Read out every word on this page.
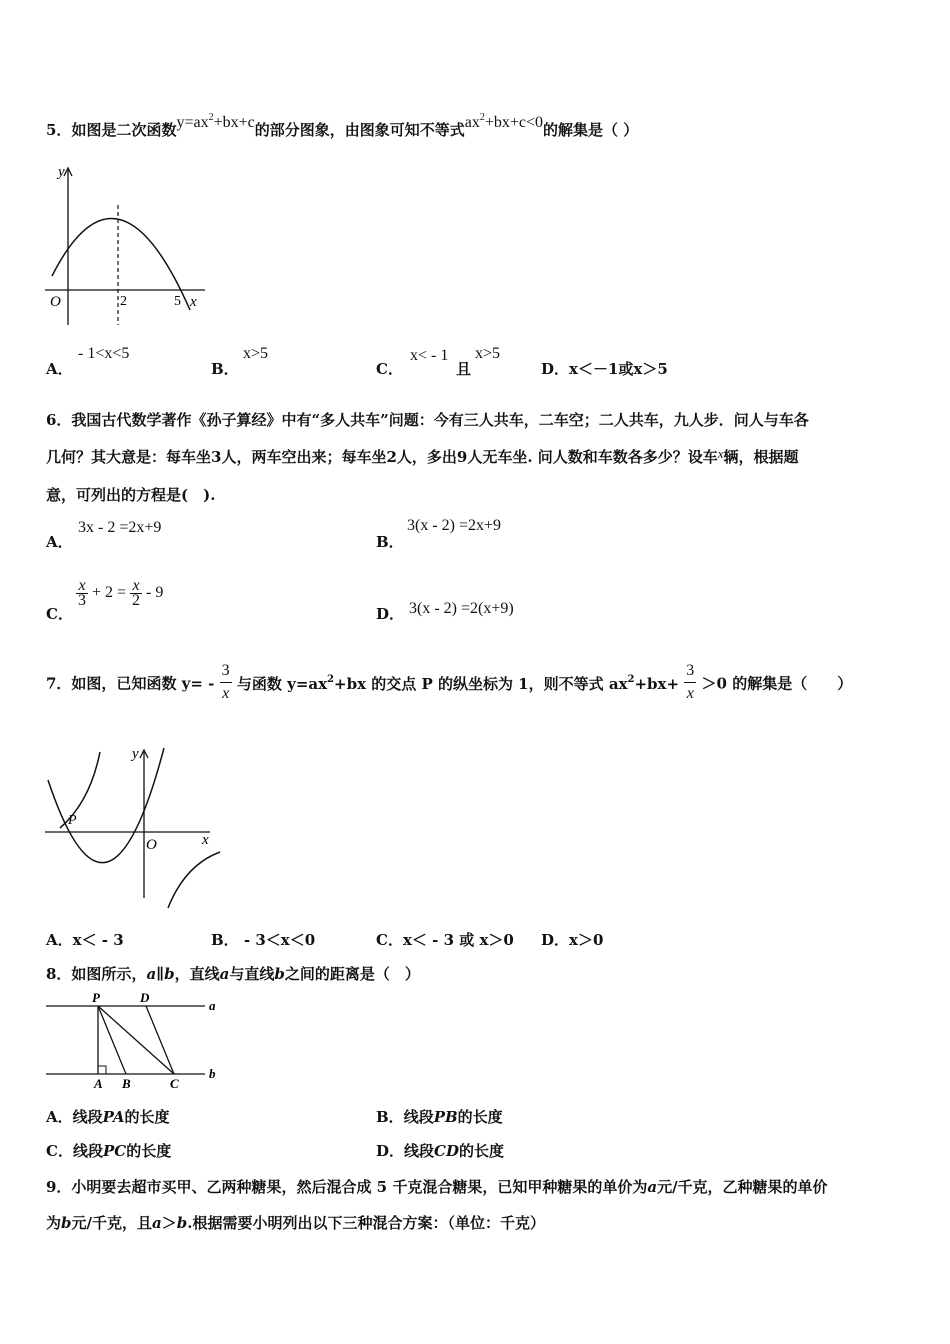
5．如图是二次函数$y=ax^2+bx+c$的部分图象，由图象可知不等式$ax^2+bx+c<0$的解集是（ ）
y
O	2	5 x
A．
- 1<x<5
B．
x>5
C．
x< - 1
且
x>5
D．x＜－1或x＞5
6．我国古代数学著作《孙子算经》中有“多人共车”问题：今有三人共车，二车空；二人共车，九人步．问人与车各
几何？其大意是：每车坐3人，两车空出来；每车坐2人，多出9人无车坐. 问人数和车数各多少？设车x辆，根据题
意，可列出的方程是(　).
A．
3x - 2 =2x+9
B．
3(x - 2) =2x+9
C．
$\frac{x}{3} + 2 = \frac{x}{2} - 9$
D． 3(x - 2) =2(x+9)
7．如图，已知函数 $y= - \frac{3}{x}$ 与函数 $y=ax^2+bx$ 的交点 P 的纵坐标为 1，则不等式 $ax^2+bx+ \frac{3}{x} >0$ 的解集是（　　）
y
P
O	x
A．x＜ - 3	B． - 3＜x＜0	C．x＜ - 3 或 x＞0 D．x＞0
8．如图所示，a∥b，直线a与直线b之间的距离是（　）
P	D
A B	C
a
b
A．线段PA的长度	B．线段PB的长度
C．线段PC的长度	D．线段CD的长度
9．小明要去超市买甲、乙两种糖果，然后混合成 5 千克混合糖果，已知甲种糖果的单价为a元/千克，乙种糖果的单价
为b元/千克，且a＞b.根据需要小明列出以下三种混合方案：（单位：千克）
